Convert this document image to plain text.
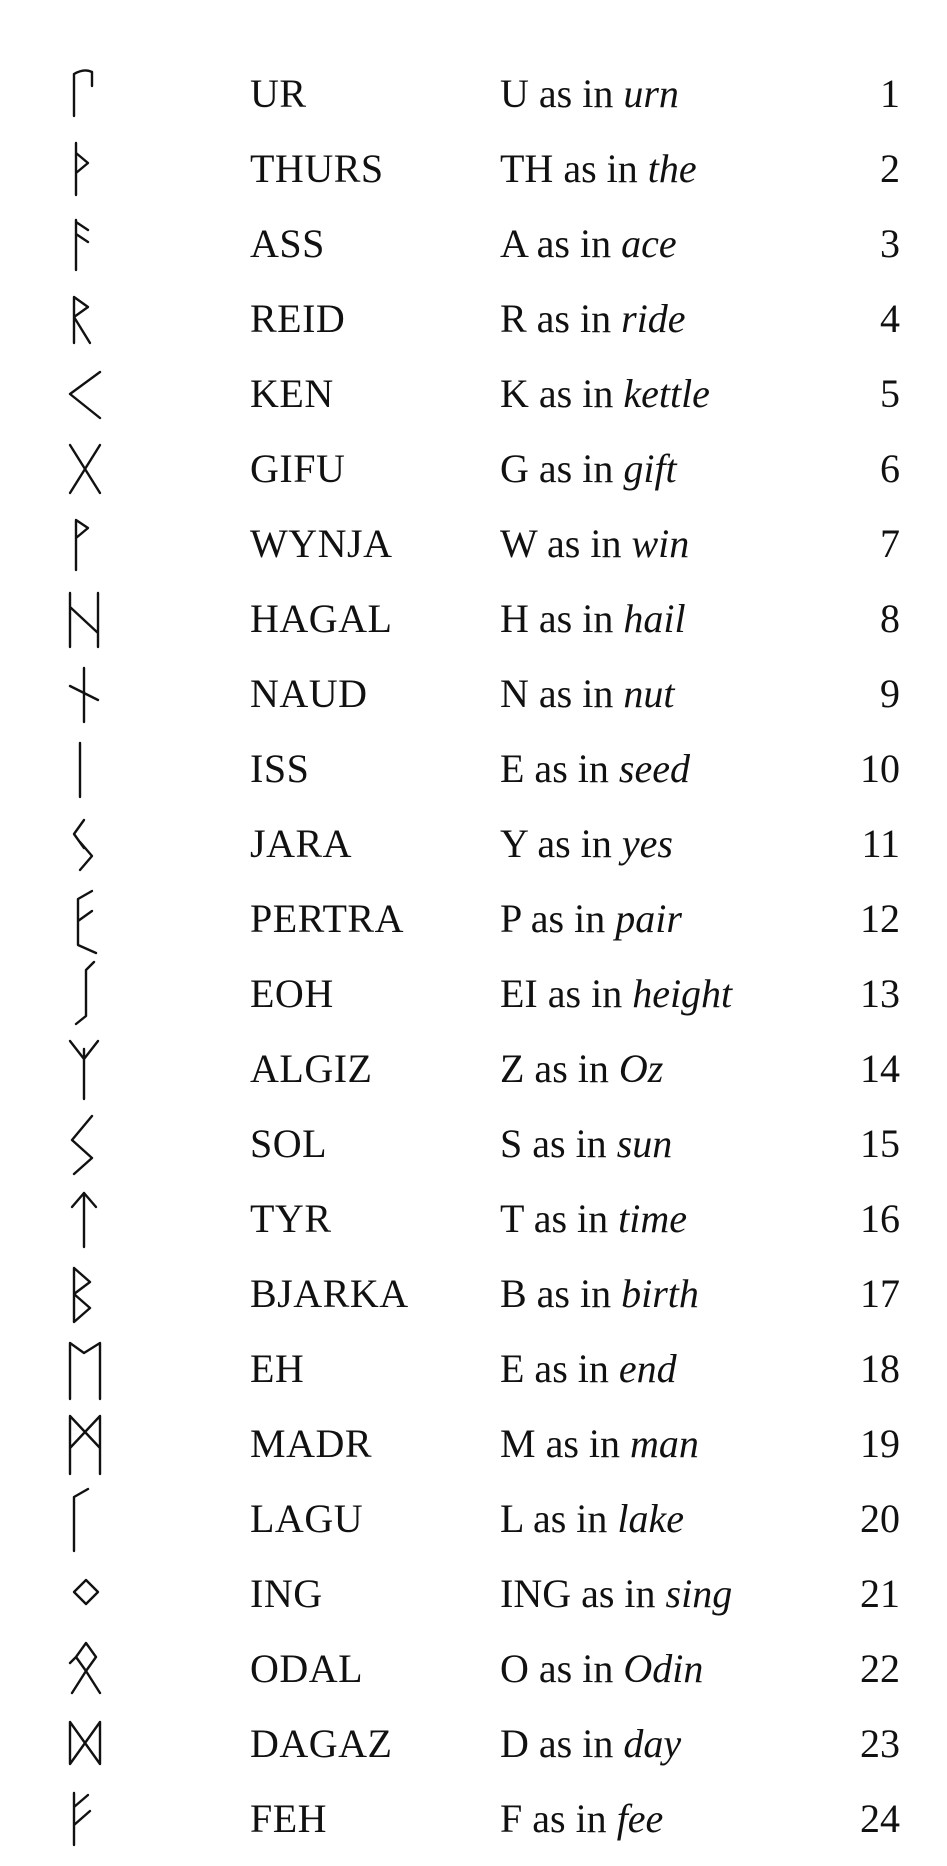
UR	U as in urn	1
THURS	TH as in the	2
ASS	A as in ace	3
REID	R as in ride	4
KEN	K as in kettle	5
GIFU	G as in gift	6
WYNJA	W as in win	7
HAGAL	H as in hail	8
NAUD	N as in nut	9
ISS	E as in seed	10
JARA	Y as in yes	11
PERTRA P as in pair	12
EOH	EI as in height	13
ALGIZ	Z as in Oz	14
SOL	S as in sun	15
TYR	T as in time	16
BJARKA B as in birth	17
EH	E as in end	18
MADR	M as in man	19
LAGU	L as in lake	20
ING	ING as in sing	21
ODAL	O as in Odin	22
DAGAZ	D as in day	23
FEH	F as in fee	24
